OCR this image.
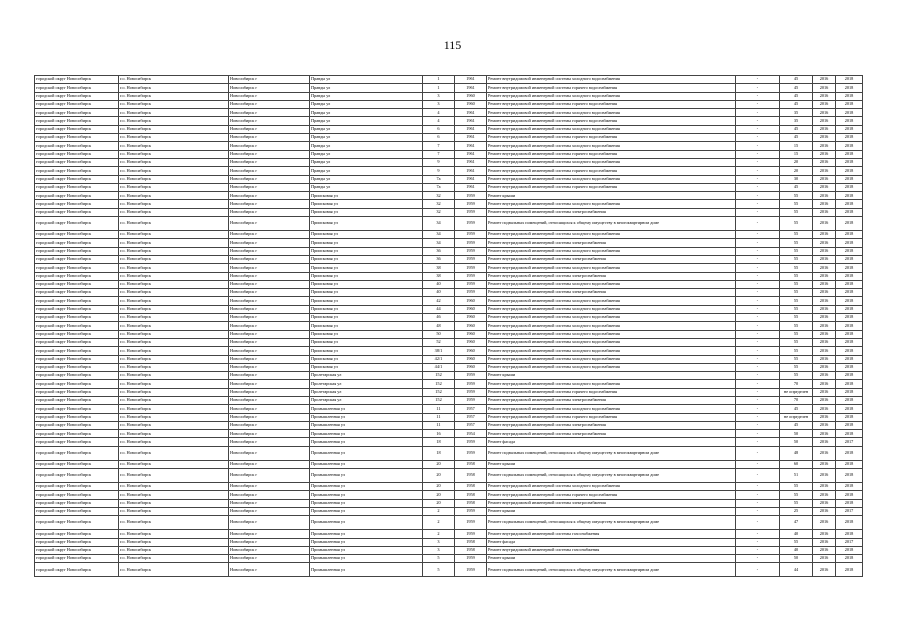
115
городской округ Новосибирск	г.о. Новосибирск	Новосибирск г	Правды ул	1	1961	Ремонт внутридомовой инженерной системы холодного водоснабжения	-	45	2016	2018
городской округ Новосибирск	г.о. Новосибирск	Новосибирск г	Правды ул	1	1961	Ремонт внутридомовой инженерной системы горячего водоснабжения	-	45	2016	2018
городской округ Новосибирск	г.о. Новосибирск	Новосибирск г	Правды ул	3	1960	Ремонт внутридомовой инженерной системы холодного водоснабжения	-	45	2016	2018
городской округ Новосибирск	г.о. Новосибирск	Новосибирск г	Правды ул	3	1960	Ремонт внутридомовой инженерной системы горячего водоснабжения	-	45	2016	2018
городской округ Новосибирск	г.о. Новосибирск	Новосибирск г	Правды ул	4	1961	Ремонт внутридомовой инженерной системы холодного водоснабжения	-	35	2016	2018
городской округ Новосибирск	г.о. Новосибирск	Новосибирск г	Правды ул	4	1961	Ремонт внутридомовой инженерной системы горячего водоснабжения	-	35	2016	2018
городской округ Новосибирск	г.о. Новосибирск	Новосибирск г	Правды ул	6	1961	Ремонт внутридомовой инженерной системы холодного водоснабжения	-	45	2016	2018
городской округ Новосибирск	г.о. Новосибирск	Новосибирск г	Правды ул	6	1961	Ремонт внутридомовой инженерной системы горячего водоснабжения	-	45	2016	2018
городской округ Новосибирск	г.о. Новосибирск	Новосибирск г	Правды ул	7	1961	Ремонт внутридомовой инженерной системы холодного водоснабжения	-	15	2016	2018
городской округ Новосибирск	г.о. Новосибирск	Новосибирск г	Правды ул	7	1961	Ремонт внутридомовой инженерной системы горячего водоснабжения	-	15	2016	2018
городской округ Новосибирск	г.о. Новосибирск	Новосибирск г	Правды ул	9	1961	Ремонт внутридомовой инженерной системы холодного водоснабжения	-	20	2016	2018
городской округ Новосибирск	г.о. Новосибирск	Новосибирск г	Правды ул	9	1961	Ремонт внутридомовой инженерной системы горячего водоснабжения	-	20	2016	2018
городской округ Новосибирск	г.о. Новосибирск	Новосибирск г	Правды ул	7а	1961	Ремонт внутридомовой инженерной системы холодного водоснабжения	-	30	2016	2018
городской округ Новосибирск	г.о. Новосибирск	Новосибирск г	Правды ул	7а	1961	Ремонт внутридомовой инженерной системы горячего водоснабжения	-	45	2016	2018
городской округ Новосибирск	г.о. Новосибирск	Новосибирск г	Приисковая ул	32	1959	Ремонт крыши	-	55	2016	2018
городской округ Новосибирск	г.о. Новосибирск	Новосибирск г	Приисковая ул	32	1959	Ремонт внутридомовой инженерной системы холодного водоснабжения	-	55	2016	2018
городской округ Новосибирск	г.о. Новосибирск	Новосибирск г	Приисковая ул	32	1959	Ремонт внутридомовой инженерной системы электроснабжения	-	55	2016	2018
городской округ Новосибирск	г.о. Новосибирск	Новосибирск г	Приисковая ул	34	1959	Ремонт подвальных помещений, относящихся к общему имуществу в многоквартирном доме	-	55	2016	2018
городской округ Новосибирск	г.о. Новосибирск	Новосибирск г	Приисковая ул	34	1959	Ремонт внутридомовой инженерной системы холодного водоснабжения	-	55	2016	2018
городской округ Новосибирск	г.о. Новосибирск	Новосибирск г	Приисковая ул	34	1959	Ремонт внутридомовой инженерной системы электроснабжения	-	55	2016	2018
городской округ Новосибирск	г.о. Новосибирск	Новосибирск г	Приисковая ул	36	1959	Ремонт внутридомовой инженерной системы холодного водоснабжения	-	55	2016	2018
городской округ Новосибирск	г.о. Новосибирск	Новосибирск г	Приисковая ул	36	1959	Ремонт внутридомовой инженерной системы электроснабжения	-	55	2016	2018
городской округ Новосибирск	г.о. Новосибирск	Новосибирск г	Приисковая ул	38	1959	Ремонт внутридомовой инженерной системы холодного водоснабжения	-	55	2016	2018
городской округ Новосибирск	г.о. Новосибирск	Новосибирск г	Приисковая ул	38	1959	Ремонт внутридомовой инженерной системы электроснабжения	-	55	2016	2018
городской округ Новосибирск	г.о. Новосибирск	Новосибирск г	Приисковая ул	40	1959	Ремонт внутридомовой инженерной системы холодного водоснабжения	-	55	2016	2018
городской округ Новосибирск	г.о. Новосибирск	Новосибирск г	Приисковая ул	40	1959	Ремонт внутридомовой инженерной системы электроснабжения	-	55	2016	2018
городской округ Новосибирск	г.о. Новосибирск	Новосибирск г	Приисковая ул	42	1960	Ремонт внутридомовой инженерной системы холодного водоснабжения	-	55	2016	2018
городской округ Новосибирск	г.о. Новосибирск	Новосибирск г	Приисковая ул	44	1960	Ремонт внутридомовой инженерной системы холодного водоснабжения	-	55	2016	2018
городской округ Новосибирск	г.о. Новосибирск	Новосибирск г	Приисковая ул	46	1960	Ремонт внутридомовой инженерной системы холодного водоснабжения	-	55	2016	2018
городской округ Новосибирск	г.о. Новосибирск	Новосибирск г	Приисковая ул	48	1960	Ремонт внутридомовой инженерной системы холодного водоснабжения	-	55	2016	2018
городской округ Новосибирск	г.о. Новосибирск	Новосибирск г	Приисковая ул	50	1960	Ремонт внутридомовой инженерной системы холодного водоснабжения	-	55	2016	2018
городской округ Новосибирск	г.о. Новосибирск	Новосибирск г	Приисковая ул	52	1960	Ремонт внутридомовой инженерной системы холодного водоснабжения	-	55	2016	2018
городской округ Новосибирск	г.о. Новосибирск	Новосибирск г	Приисковая ул	38/1	1960	Ремонт внутридомовой инженерной системы холодного водоснабжения	-	55	2016	2018
городской округ Новосибирск	г.о. Новосибирск	Новосибирск г	Приисковая ул	42/1	1960	Ремонт внутридомовой инженерной системы холодного водоснабжения	-	55	2016	2018
городской округ Новосибирск	г.о. Новосибирск	Новосибирск г	Приисковая ул	44/1	1960	Ремонт внутридомовой инженерной системы холодного водоснабжения	-	55	2016	2018
городской округ Новосибирск	г.о. Новосибирск	Новосибирск г	Пролетарская ул	152	1959	Ремонт крыши	-	55	2016	2018
городской округ Новосибирск	г.о. Новосибирск	Новосибирск г	Пролетарская ул	152	1959	Ремонт внутридомовой инженерной системы холодного водоснабжения	-	70	2016	2018
городской округ Новосибирск	г.о. Новосибирск	Новосибирск г	Пролетарская ул	152	1959	Ремонт внутридомовой инженерной системы горячего водоснабжения	-	не определен	2016	2018
городской округ Новосибирск	г.о. Новосибирск	Новосибирск г	Пролетарская ул	152	1959	Ремонт внутридомовой инженерной системы электроснабжения	-	70	2016	2018
городской округ Новосибирск	г.о. Новосибирск	Новосибирск г	Промышленная ул	11	1957	Ремонт внутридомовой инженерной системы холодного водоснабжения	-	45	2016	2018
городской округ Новосибирск	г.о. Новосибирск	Новосибирск г	Промышленная ул	11	1957	Ремонт внутридомовой инженерной системы горячего водоснабжения	-	не определен	2016	2018
городской округ Новосибирск	г.о. Новосибирск	Новосибирск г	Промышленная ул	11	1957	Ремонт внутридомовой инженерной системы электроснабжения	-	45	2016	2018
городской округ Новосибирск	г.о. Новосибирск	Новосибирск г	Промышленная ул	16	1954	Ремонт внутридомовой инженерной системы электроснабжения	-	50	2016	2018
городской округ Новосибирск	г.о. Новосибирск	Новосибирск г	Промышленная ул	18	1959	Ремонт фасада	-	50	2016	2017
городской округ Новосибирск	г.о. Новосибирск	Новосибирск г	Промышленная ул	18	1959	Ремонт подвальных помещений, относящихся к общему имуществу в многоквартирном доме	-	48	2016	2018
городской округ Новосибирск	г.о. Новосибирск	Новосибирск г	Промышленная ул	20	1958	Ремонт крыши	-	60	2016	2018
городской округ Новосибирск	г.о. Новосибирск	Новосибирск г	Промышленная ул	20	1958	Ремонт подвальных помещений, относящихся к общему имуществу в многоквартирном доме	-	51	2016	2018
городской округ Новосибирск	г.о. Новосибирск	Новосибирск г	Промышленная ул	20	1958	Ремонт внутридомовой инженерной системы холодного водоснабжения	-	55	2016	2018
городской округ Новосибирск	г.о. Новосибирск	Новосибирск г	Промышленная ул	20	1958	Ремонт внутридомовой инженерной системы горячего водоснабжения	-	55	2016	2018
городской округ Новосибирск	г.о. Новосибирск	Новосибирск г	Промышленная ул	20	1958	Ремонт внутридомовой инженерной системы электроснабжения	-	55	2016	2018
городской округ Новосибирск	г.о. Новосибирск	Новосибирск г	Промышленная ул	2	1959	Ремонт крыши	-	25	2016	2017
городской округ Новосибирск	г.о. Новосибирск	Новосибирск г	Промышленная ул	2	1959	Ремонт подвальных помещений, относящихся к общему имуществу в многоквартирном доме	-	47	2016	2018
городской округ Новосибирск	г.о. Новосибирск	Новосибирск г	Промышленная ул	2	1959	Ремонт внутридомовой инженерной системы газоснабжения	-	40	2016	2018
городской округ Новосибирск	г.о. Новосибирск	Новосибирск г	Промышленная ул	3	1958	Ремонт фасада	-	55	2016	2017
городской округ Новосибирск	г.о. Новосибирск	Новосибирск г	Промышленная ул	3	1958	Ремонт внутридомовой инженерной системы газоснабжения	-	40	2016	2018
городской округ Новосибирск	г.о. Новосибирск	Новосибирск г	Промышленная ул	5	1959	Ремонт крыши	-	50	2016	2018
городской округ Новосибирск	г.о. Новосибирск	Новосибирск г	Промышленная ул	5	1959	Ремонт подвальных помещений, относящихся к общему имуществу в многоквартирном доме	-	44	2016	2018
